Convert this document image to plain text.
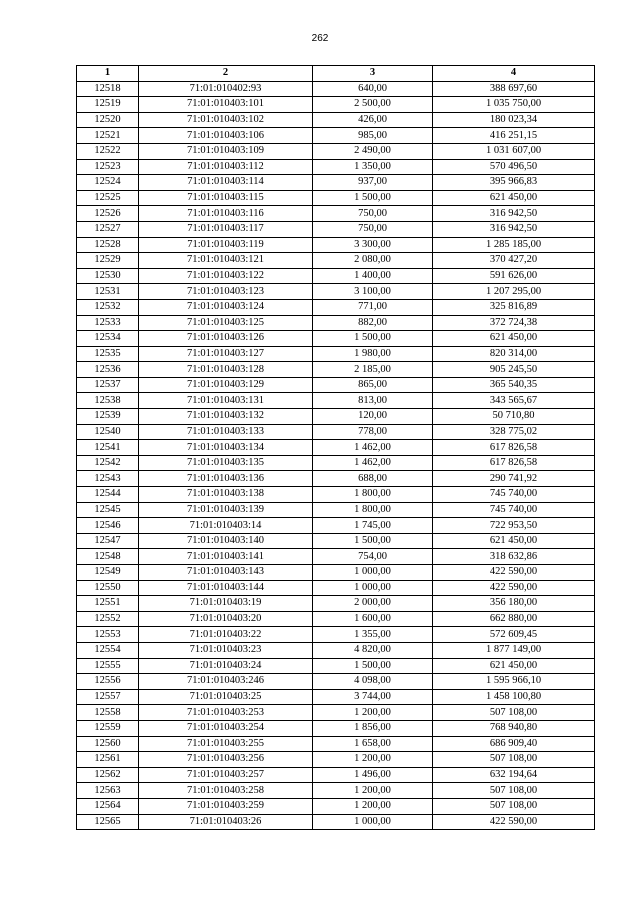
262
1	2	3	4
12518	71:01:010402:93	640,00	388 697,60
12519	71:01:010403:101	2 500,00	1 035 750,00
12520	71:01:010403:102	426,00	180 023,34
12521	71:01:010403:106	985,00	416 251,15
12522	71:01:010403:109	2 490,00	1 031 607,00
12523	71:01:010403:112	1 350,00	570 496,50
12524	71:01:010403:114	937,00	395 966,83
12525	71:01:010403:115	1 500,00	621 450,00
12526	71:01:010403:116	750,00	316 942,50
12527	71:01:010403:117	750,00	316 942,50
12528	71:01:010403:119	3 300,00	1 285 185,00
12529	71:01:010403:121	2 080,00	370 427,20
12530	71:01:010403:122	1 400,00	591 626,00
12531	71:01:010403:123	3 100,00	1 207 295,00
12532	71:01:010403:124	771,00	325 816,89
12533	71:01:010403:125	882,00	372 724,38
12534	71:01:010403:126	1 500,00	621 450,00
12535	71:01:010403:127	1 980,00	820 314,00
12536	71:01:010403:128	2 185,00	905 245,50
12537	71:01:010403:129	865,00	365 540,35
12538	71:01:010403:131	813,00	343 565,67
12539	71:01:010403:132	120,00	50 710,80
12540	71:01:010403:133	778,00	328 775,02
12541	71:01:010403:134	1 462,00	617 826,58
12542	71:01:010403:135	1 462,00	617 826,58
12543	71:01:010403:136	688,00	290 741,92
12544	71:01:010403:138	1 800,00	745 740,00
12545	71:01:010403:139	1 800,00	745 740,00
12546	71:01:010403:14	1 745,00	722 953,50
12547	71:01:010403:140	1 500,00	621 450,00
12548	71:01:010403:141	754,00	318 632,86
12549	71:01:010403:143	1 000,00	422 590,00
12550	71:01:010403:144	1 000,00	422 590,00
12551	71:01:010403:19	2 000,00	356 180,00
12552	71:01:010403:20	1 600,00	662 880,00
12553	71:01:010403:22	1 355,00	572 609,45
12554	71:01:010403:23	4 820,00	1 877 149,00
12555	71:01:010403:24	1 500,00	621 450,00
12556	71:01:010403:246	4 098,00	1 595 966,10
12557	71:01:010403:25	3 744,00	1 458 100,80
12558	71:01:010403:253	1 200,00	507 108,00
12559	71:01:010403:254	1 856,00	768 940,80
12560	71:01:010403:255	1 658,00	686 909,40
12561	71:01:010403:256	1 200,00	507 108,00
12562	71:01:010403:257	1 496,00	632 194,64
12563	71:01:010403:258	1 200,00	507 108,00
12564	71:01:010403:259	1 200,00	507 108,00
12565	71:01:010403:26	1 000,00	422 590,00
